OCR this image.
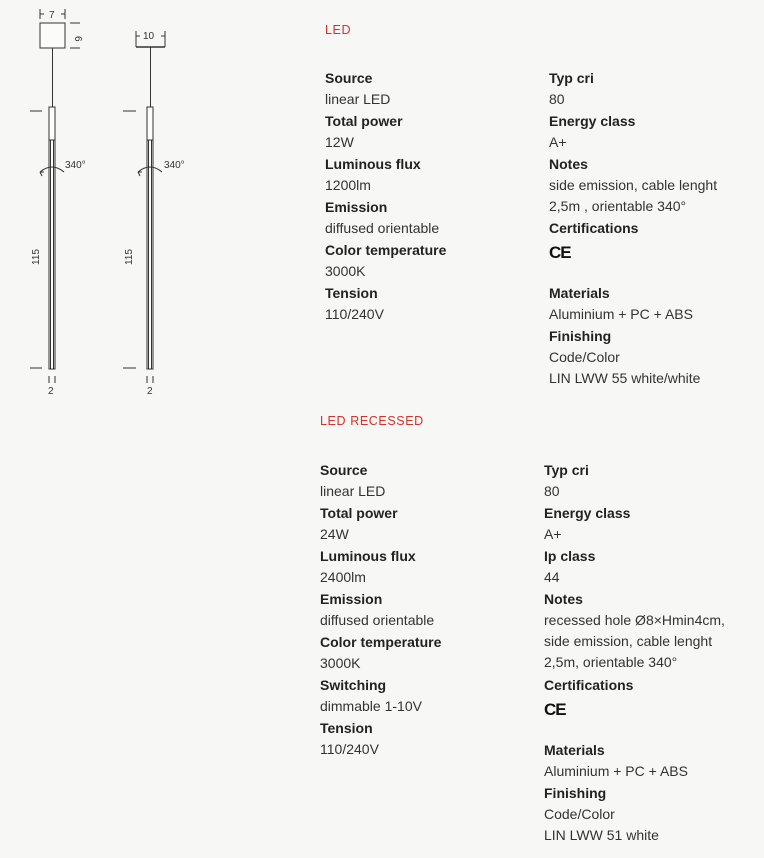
7
6
115
340°
2
10
115
340°
2
LED
Source
linear LED
Total power
12W
Luminous flux
1200lm
Emission
diffused orientable
Color temperature
3000K
Tension
110/240V
Typ cri
80
Energy class
A+
Notes
side emission, cable lenght
2,5m , orientable 340°
Certifications
CE
Materials
Aluminium + PC + ABS
Finishing
Code/Color
LIN LWW 55 white/white
LED RECESSED
Source
linear LED
Total power
24W
Luminous flux
2400lm
Emission
diffused orientable
Color temperature
3000K
Switching
dimmable 1-10V
Tension
110/240V
Typ cri
80
Energy class
A+
Ip class
44
Notes
recessed hole Ø8×Hmin4cm,
side emission, cable lenght
2,5m, orientable 340°
Certifications
CE
Materials
Aluminium + PC + ABS
Finishing
Code/Color
LIN LWW 51 white
